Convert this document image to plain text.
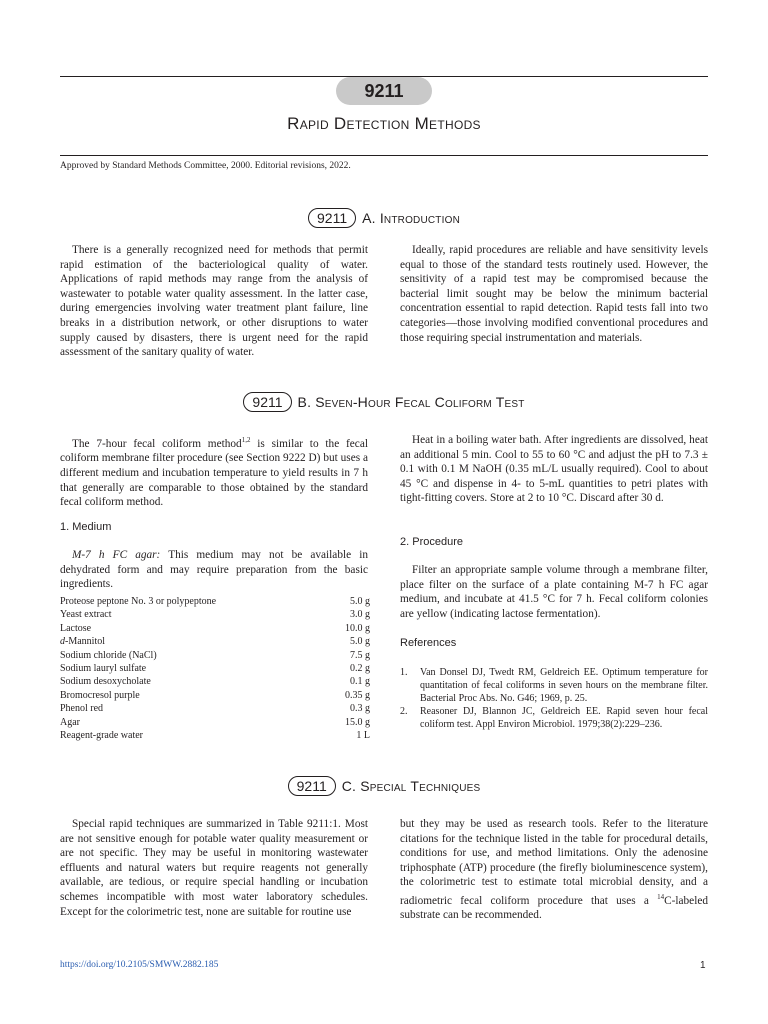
9211
Rapid Detection Methods
Approved by Standard Methods Committee, 2000. Editorial revisions, 2022.
9211 A. Introduction

There is a generally recognized need for methods that permit rapid estimation of the bacteriological quality of water. Applications of rapid methods may range from the analysis of wastewater to potable water quality assessment. In the latter case, during emergencies involving water treatment plant failure, line breaks in a distribution network, or other disruptions to water supply caused by disasters, there is urgent need for the rapid assessment of the sanitary quality of water.

Ideally, rapid procedures are reliable and have sensitivity levels equal to those of the standard tests routinely used. However, the sensitivity of a rapid test may be compromised because the bacterial limit sought may be below the minimum bacterial concentration essential to rapid detection. Rapid tests fall into two categories—those involving modified conventional procedures and those requiring special instrumentation and materials.

9211 B. Seven-Hour Fecal Coliform Test

The 7-hour fecal coliform method$^{1,2}$ is similar to the fecal coliform membrane filter procedure (see Section 9222 D) but uses a different medium and incubation temperature to yield results in 7 h that generally are comparable to those obtained by the standard fecal coliform method.

1. Medium

M-7 h FC agar: This medium may not be available in dehydrated form and may require preparation from the basic ingredients.

Proteose peptone No. 3 or polypeptone	5.0 g
Yeast extract	3.0 g
Lactose	10.0 g
d-Mannitol	5.0 g
Sodium chloride (NaCl)	7.5 g
Sodium lauryl sulfate	0.2 g
Sodium desoxycholate	0.1 g
Bromocresol purple	0.35 g
Phenol red	0.3 g
Agar	15.0 g
Reagent-grade water	1 L

Heat in a boiling water bath. After ingredients are dissolved, heat an additional 5 min. Cool to 55 to 60 °C and adjust the pH to 7.3 ± 0.1 with 0.1 M NaOH (0.35 mL/L usually required). Cool to about 45 °C and dispense in 4- to 5-mL quantities to petri plates with tight-fitting covers. Store at 2 to 10 °C. Discard after 30 d.

2. Procedure

Filter an appropriate sample volume through a membrane filter, place filter on the surface of a plate containing M-7 h FC agar medium, and incubate at 41.5 °C for 7 h. Fecal coliform colonies are yellow (indicating lactose fermentation).

References
1. Van Donsel DJ, Twedt RM, Geldreich EE. Optimum temperature for quantitation of fecal coliforms in seven hours on the membrane filter. Bacterial Proc Abs. No. G46; 1969, p. 25.
2. Reasoner DJ, Blannon JC, Geldreich EE. Rapid seven hour fecal coliform test. Appl Environ Microbiol. 1979;38(2):229–236.
9211 C. Special Techniques

Special rapid techniques are summarized in Table 9211:1. Most are not sensitive enough for potable water quality measurement or are not specific. They may be useful in monitoring wastewater effluents and natural waters but require reagents not generally available, are tedious, or require special handling or incubation schemes incompatible with most water laboratory schedules. Except for the colorimetric test, none are suitable for routine use

but they may be used as research tools. Refer to the literature citations for the technique listed in the table for procedural details, conditions for use, and method limitations. Only the adenosine triphosphate (ATP) procedure (the firefly bioluminescence system), the colorimetric test to estimate total microbial density, and a radiometric fecal coliform procedure that uses a $^{14}$C-labeled substrate can be recommended.

https://doi.org/10.2105/SMWW.2882.185	1
